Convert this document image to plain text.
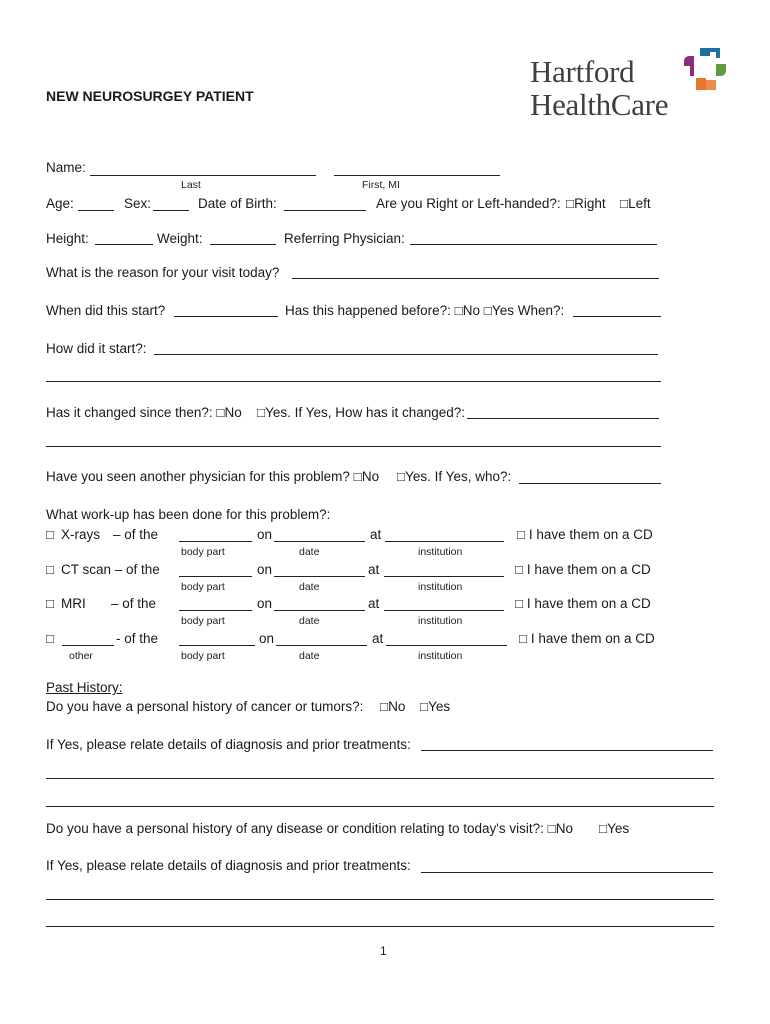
NEW NEUROSURGEY PATIENT
Hartford
HealthCare
Name:
Last	First, MI
Age:	Sex:	Date of Birth:	Are you Right or Left-handed?: □Right □Left
Height:	Weight:	Referring Physician:
What is the reason for your visit today?
When did this start?	Has this happened before?: □No □Yes When?:
How did it start?:
Has it changed since then?: □No □Yes. If Yes, How has it changed?:
Have you seen another physician for this problem? □No □Yes. If Yes, who?:
What work-up has been done for this problem?:
□ X-rays – of the	on	at	□ I have them on a CD
body part	date	institution
□ CT scan – of the	on	at	□ I have them on a CD
body part	date	institution
□ MRI – of the	on	at	□ I have them on a CD
body part	date	institution
□	- of the	on	at	□ I have them on a CD
other	body part	date	institution
Past History:
Do you have a personal history of cancer or tumors?: □No □Yes
If Yes, please relate details of diagnosis and prior treatments:
Do you have a personal history of any disease or condition relating to today's visit?: □No □Yes
If Yes, please relate details of diagnosis and prior treatments:
1
